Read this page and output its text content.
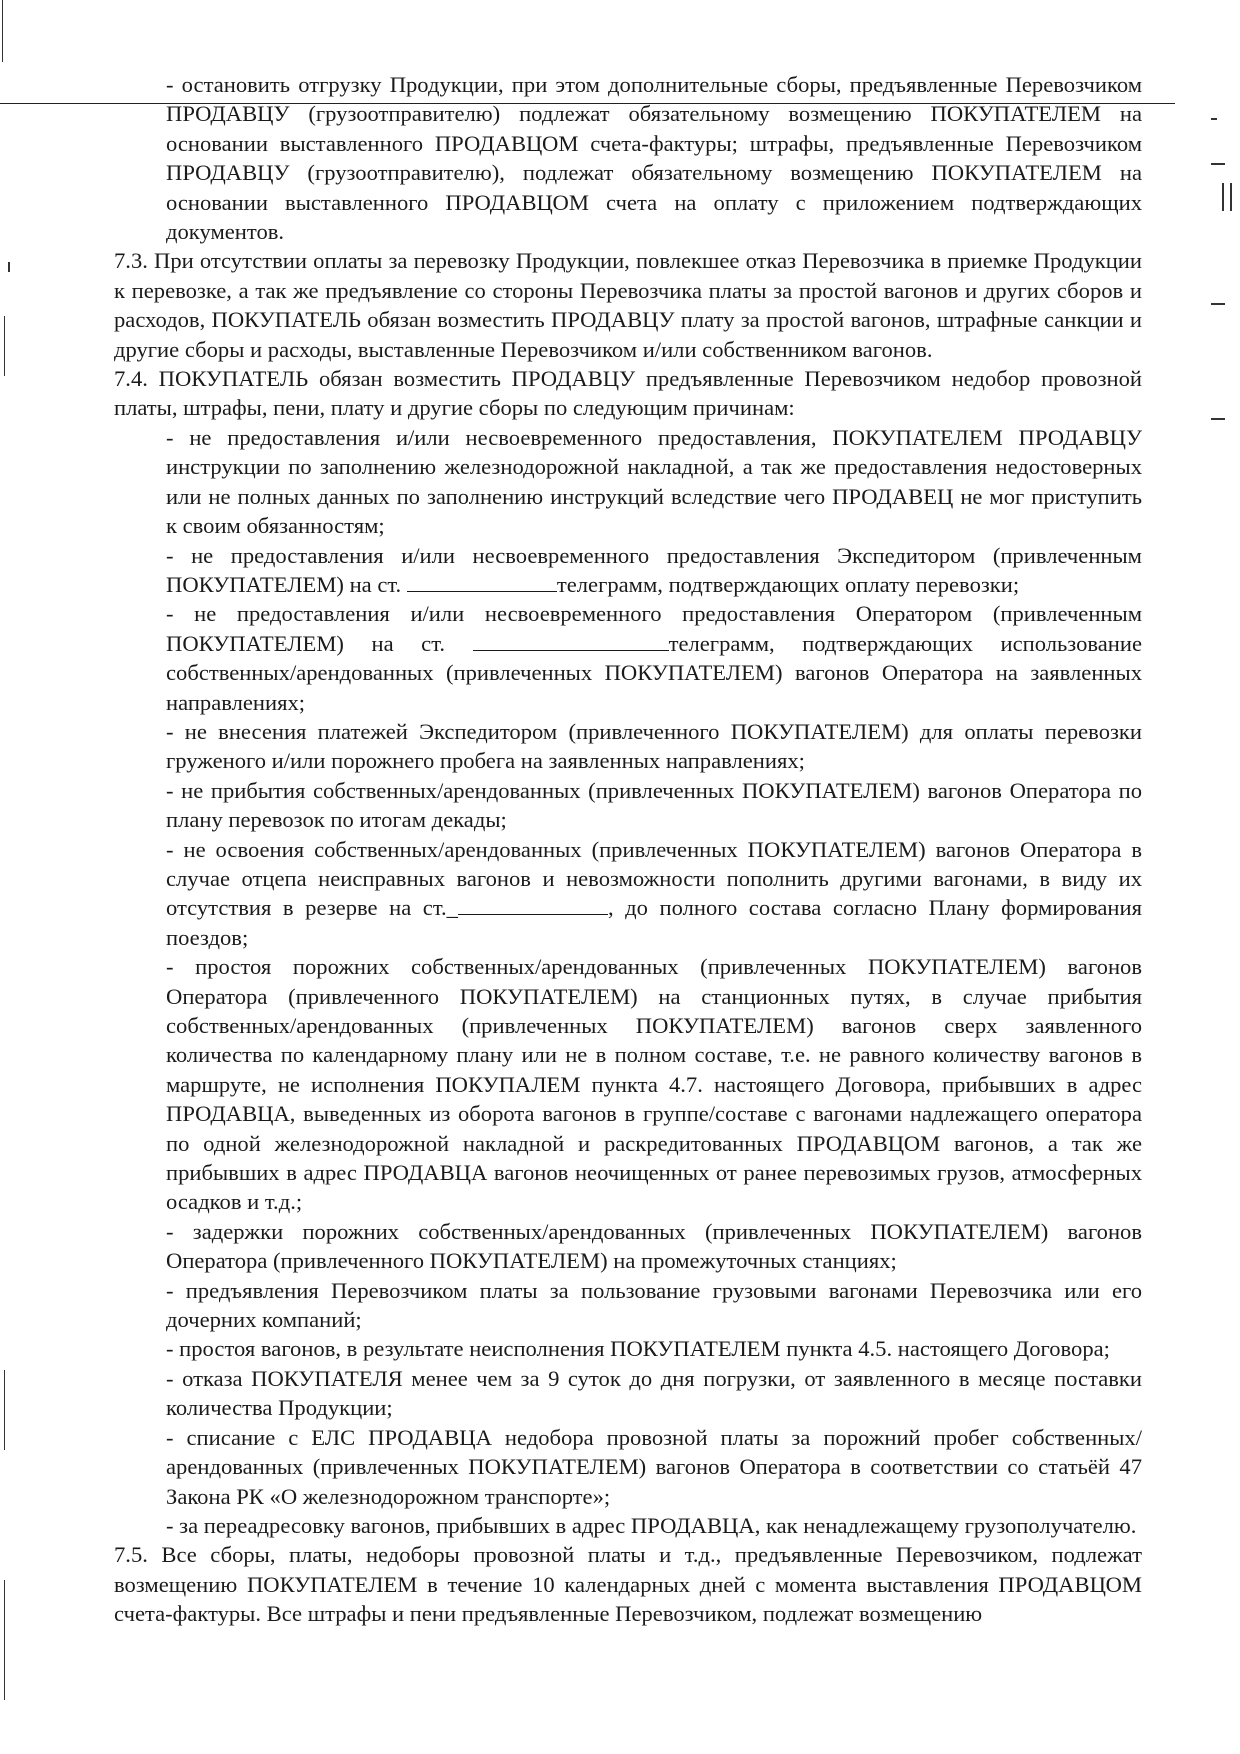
- остановить отгрузку Продукции, при этом дополнительные сборы, предъявленные Перевозчиком ПРОДАВЦУ (грузоотправителю) подлежат обязательному возмещению ПОКУПАТЕЛЕМ на основании выставленного ПРОДАВЦОМ счета-фактуры; штрафы, предъявленные Перевозчиком ПРОДАВЦУ (грузоотправителю), подлежат обязательному возмещению ПОКУПАТЕЛЕМ на основании выставленного ПРОДАВЦОМ счета на оплату с приложением подтверждающих документов.

7.3. При отсутствии оплаты за перевозку Продукции, повлекшее отказ Перевозчика в приемке Продукции к перевозке, а так же предъявление со стороны Перевозчика платы за простой вагонов и других сборов и расходов, ПОКУПАТЕЛЬ обязан возместить ПРОДАВЦУ плату за простой вагонов, штрафные санкции и другие сборы и расходы, выставленные Перевозчиком и/или собственником вагонов.

7.4. ПОКУПАТЕЛЬ обязан возместить ПРОДАВЦУ предъявленные Перевозчиком недобор провозной платы, штрафы, пени, плату и другие сборы по следующим причинам:

- не предоставления и/или несвоевременного предоставления, ПОКУПАТЕЛЕМ ПРОДАВЦУ инструкции по заполнению железнодорожной накладной, а так же предоставления недостоверных или не полных данных по заполнению инструкций вследствие чего ПРОДАВЕЦ не мог приступить к своим обязанностям;

- не предоставления и/или несвоевременного предоставления Экспедитором (привлеченным ПОКУПАТЕЛЕМ) на ст.	телеграмм, подтверждающих оплату перевозки;

- не предоставления и/или несвоевременного предоставления Оператором (привлеченным ПОКУПАТЕЛЕМ) на ст.	телеграмм, подтверждающих использование собственных/арендованных (привлеченных ПОКУПАТЕЛЕМ) вагонов Оператора на заявленных направлениях;

- не внесения платежей Экспедитором (привлеченного ПОКУПАТЕЛЕМ) для оплаты перевозки груженого и/или порожнего пробега на заявленных направлениях;

- не прибытия собственных/арендованных (привлеченных ПОКУПАТЕЛЕМ) вагонов Оператора по плану перевозок по итогам декады;

- не освоения собственных/арендованных (привлеченных ПОКУПАТЕЛЕМ) вагонов Оператора в случае отцепа неисправных вагонов и невозможности пополнить другими вагонами, в виду их отсутствия в резерве на ст._	, до полного состава согласно Плану формирования поездов;

- простоя порожних собственных/арендованных (привлеченных ПОКУПАТЕЛЕМ) вагонов Оператора (привлеченного ПОКУПАТЕЛЕМ) на станционных путях, в случае прибытия собственных/арендованных (привлеченных ПОКУПАТЕЛЕМ) вагонов сверх заявленного количества по календарному плану или не в полном составе, т.е. не равного количеству вагонов в маршруте, не исполнения ПОКУПАЛЕМ пункта 4.7. настоящего Договора, прибывших в адрес ПРОДАВЦА, выведенных из оборота вагонов в группе/составе с вагонами надлежащего оператора по одной железнодорожной накладной и раскредитованных ПРОДАВЦОМ вагонов, а так же прибывших в адрес ПРОДАВЦА вагонов неочищенных от ранее перевозимых грузов, атмосферных осадков и т.д.;

- задержки порожних собственных/арендованных (привлеченных ПОКУПАТЕЛЕМ) вагонов Оператора (привлеченного ПОКУПАТЕЛЕМ) на промежуточных станциях;

- предъявления Перевозчиком платы за пользование грузовыми вагонами Перевозчика или его дочерних компаний;

- простоя вагонов, в результате неисполнения ПОКУПАТЕЛЕМ пункта 4.5. настоящего Договора;

- отказа ПОКУПАТЕЛЯ менее чем за 9 суток до дня погрузки, от заявленного в месяце поставки количества Продукции;

- списание с ЕЛС ПРОДАВЦА недобора провозной платы за порожний пробег собственных/арендованных (привлеченных ПОКУПАТЕЛЕМ) вагонов Оператора в соответствии со статьёй 47 Закона РК «О железнодорожном транспорте»;

- за переадресовку вагонов, прибывших в адрес ПРОДАВЦА, как ненадлежащему грузополучателю.

7.5. Все сборы, платы, недоборы провозной платы и т.д., предъявленные Перевозчиком, подлежат возмещению ПОКУПАТЕЛЕМ в течение 10 календарных дней с момента выставления ПРОДАВЦОМ счета-фактуры. Все штрафы и пени предъявленные Перевозчиком, подлежат возмещению
